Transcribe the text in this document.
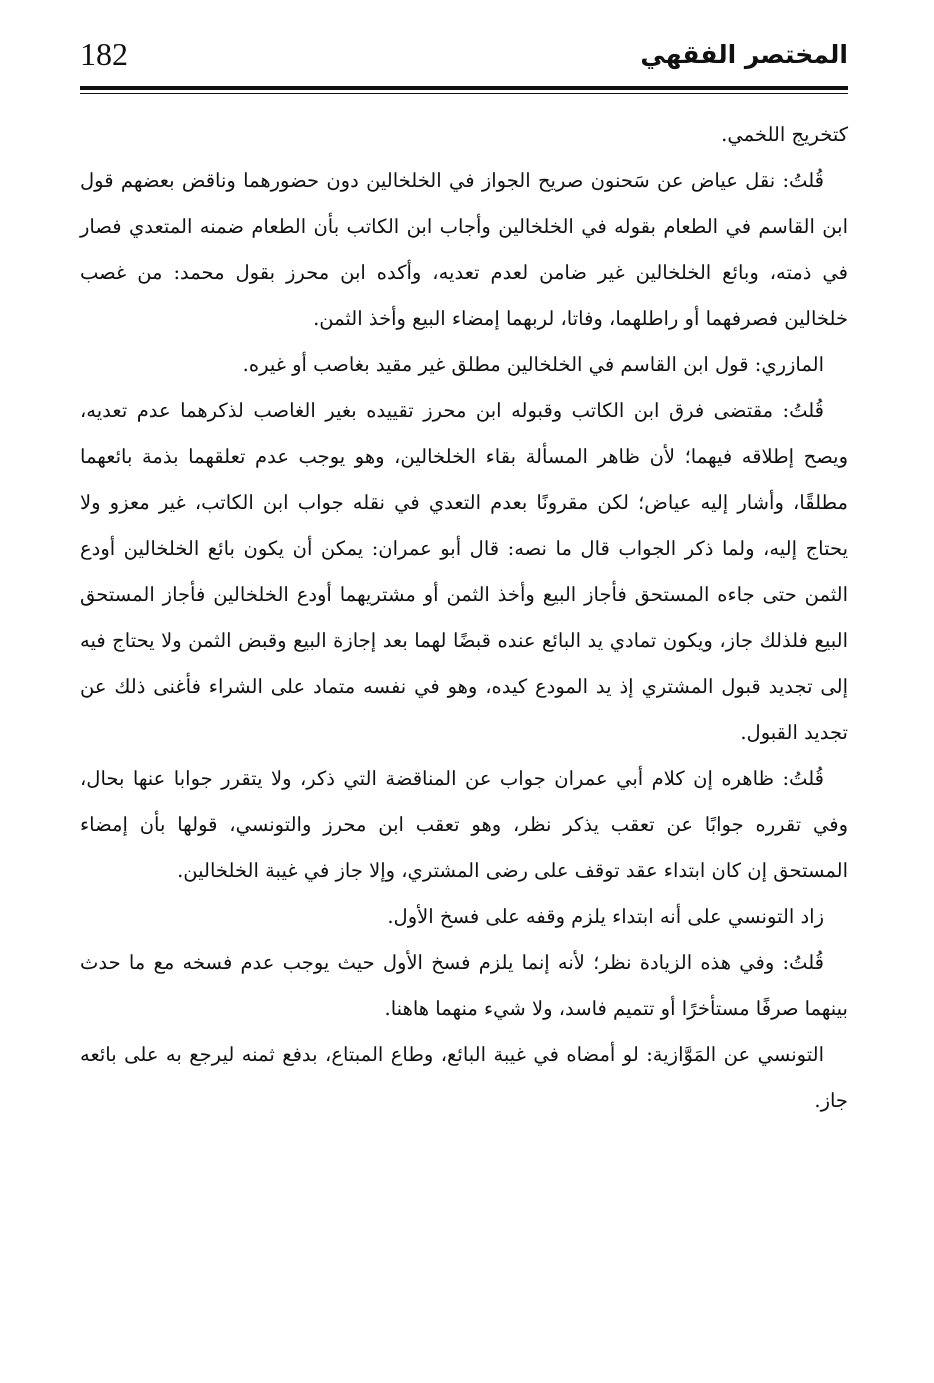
المختصر الفقهي
182

كتخريج اللخمي.

قُلتُ: نقل عياض عن سَحنون صريح الجواز في الخلخالين دون حضورهما وناقض بعضهم قول ابن القاسم في الطعام بقوله في الخلخالين وأجاب ابن الكاتب بأن الطعام ضمنه المتعدي فصار في ذمته، وبائع الخلخالين غير ضامن لعدم تعديه، وأكده ابن محرز بقول محمد: من غصب خلخالين فصرفهما أو راطلهما، وفاتا، لربهما إمضاء البيع وأخذ الثمن.

المازري: قول ابن القاسم في الخلخالين مطلق غير مقيد بغاصب أو غيره.

قُلتُ: مقتضى فرق ابن الكاتب وقبوله ابن محرز تقييده بغير الغاصب لذكرهما عدم تعديه، ويصح إطلاقه فيهما؛ لأن ظاهر المسألة بقاء الخلخالين، وهو يوجب عدم تعلقهما بذمة بائعهما مطلقًا، وأشار إليه عياض؛ لكن مقرونًا بعدم التعدي في نقله جواب ابن الكاتب، غير معزو ولا يحتاج إليه، ولما ذكر الجواب قال ما نصه: قال أبو عمران: يمكن أن يكون بائع الخلخالين أودع الثمن حتى جاءه المستحق فأجاز البيع وأخذ الثمن أو مشتريهما أودع الخلخالين فأجاز المستحق البيع فلذلك جاز، ويكون تمادي يد البائع عنده قبضًا لهما بعد إجازة البيع وقبض الثمن ولا يحتاج فيه إلى تجديد قبول المشتري إذ يد المودع كيده، وهو في نفسه متماد على الشراء فأغنى ذلك عن تجديد القبول.

قُلتُ: ظاهره إن كلام أبي عمران جواب عن المناقضة التي ذكر، ولا يتقرر جوابا عنها بحال، وفي تقرره جوابًا عن تعقب يذكر نظر، وهو تعقب ابن محرز والتونسي، قولها بأن إمضاء المستحق إن كان ابتداء عقد توقف على رضى المشتري، وإلا جاز في غيبة الخلخالين.

زاد التونسي على أنه ابتداء يلزم وقفه على فسخ الأول.

قُلتُ: وفي هذه الزيادة نظر؛ لأنه إنما يلزم فسخ الأول حيث يوجب عدم فسخه مع ما حدث بينهما صرفًا مستأخرًا أو تتميم فاسد، ولا شيء منهما هاهنا.

التونسي عن المَوَّازية: لو أمضاه في غيبة البائع، وطاع المبتاع، بدفع ثمنه ليرجع به على بائعه جاز.
